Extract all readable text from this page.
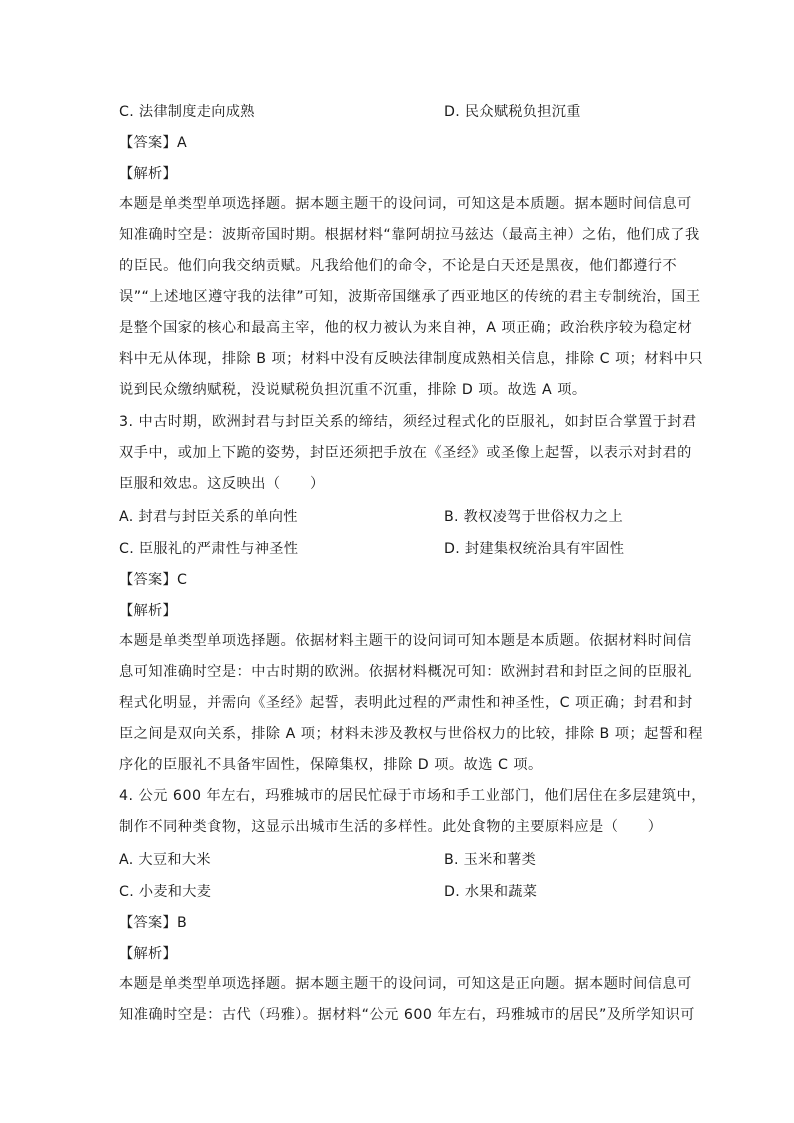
C. 法律制度走向成熟	D. 民众赋税负担沉重
【答案】A
【解析】

本题是单类型单项选择题。据本题主题干的设问词，可知这是本质题。据本题时间信息可

知准确时空是：波斯帝国时期。根据材料“靠阿胡拉马兹达（最高主神）之佑，他们成了我

的臣民。他们向我交纳贡赋。凡我给他们的命令，不论是白天还是黑夜，他们都遵行不

误”“上述地区遵守我的法律”可知，波斯帝国继承了西亚地区的传统的君主专制统治，国王

是整个国家的核心和最高主宰，他的权力被认为来自神，A 项正确；政治秩序较为稳定材

料中无从体现，排除 B 项；材料中没有反映法律制度成熟相关信息，排除 C 项；材料中只

说到民众缴纳赋税，没说赋税负担沉重不沉重，排除 D 项。故选 A 项。

3. 中古时期，欧洲封君与封臣关系的缔结，须经过程式化的臣服礼，如封臣合掌置于封君

双手中，或加上下跪的姿势，封臣还须把手放在《圣经》或圣像上起誓，以表示对封君的

臣服和效忠。这反映出（　　）

A. 封君与封臣关系的单向性	B. 教权凌驾于世俗权力之上
C. 臣服礼的严肃性与神圣性	D. 封建集权统治具有牢固性
【答案】C
【解析】

本题是单类型单项选择题。依据材料主题干的设问词可知本题是本质题。依据材料时间信

息可知准确时空是：中古时期的欧洲。依据材料概况可知：欧洲封君和封臣之间的臣服礼

程式化明显，并需向《圣经》起誓，表明此过程的严肃性和神圣性，C 项正确；封君和封

臣之间是双向关系，排除 A 项；材料未涉及教权与世俗权力的比较，排除 B 项；起誓和程

序化的臣服礼不具备牢固性，保障集权，排除 D 项。故选 C 项。

4. 公元 600 年左右，玛雅城市的居民忙碌于市场和手工业部门，他们居住在多层建筑中，

制作不同种类食物，这显示出城市生活的多样性。此处食物的主要原料应是（　　）

A. 大豆和大米	B. 玉米和薯类
C. 小麦和大麦	D. 水果和蔬菜
【答案】B
【解析】

本题是单类型单项选择题。据本题主题干的设问词，可知这是正向题。据本题时间信息可

知准确时空是：古代（玛雅）。据材料“公元 600 年左右，玛雅城市的居民”及所学知识可
